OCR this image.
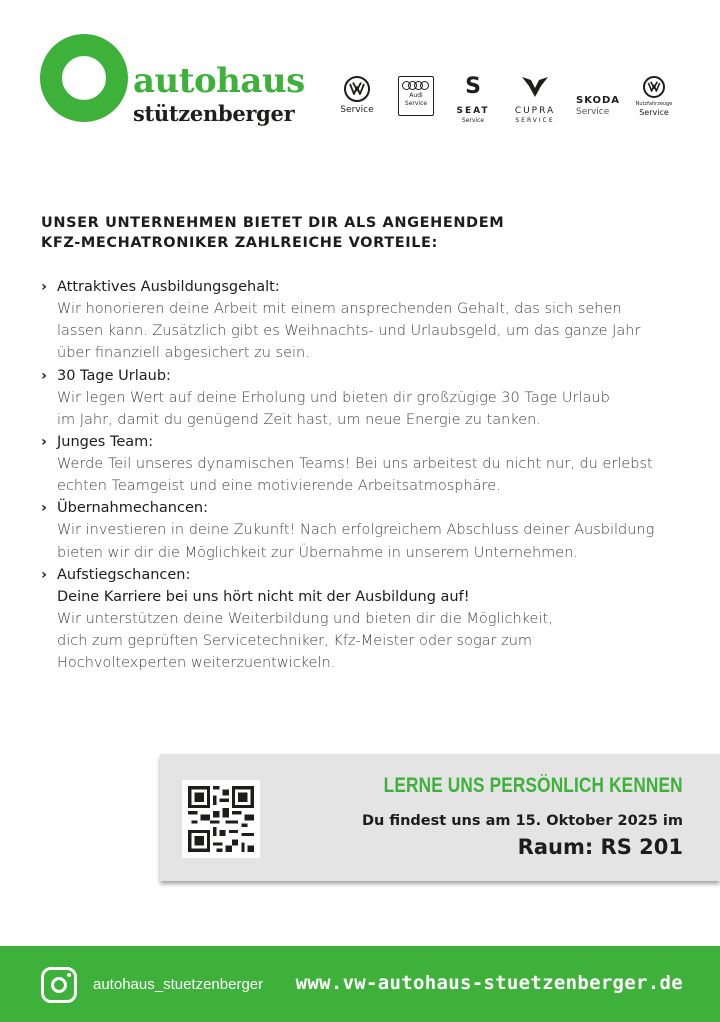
autohaus
stützenberger	Service
Audi
Service
S
SEAT
Service
CUPRA
SERVICE
SKODA
Service
Nutzfahrzeuge
Service
UNSER UNTERNEHMEN BIETET DIR ALS ANGEHENDEM
KFZ-MECHATRONIKER ZAHLREICHE VORTEILE:
› Attraktives Ausbildungsgehalt:
Wir honorieren deine Arbeit mit einem ansprechenden Gehalt, das sich sehen
lassen kann. Zusätzlich gibt es Weihnachts- und Urlaubsgeld, um das ganze Jahr
über finanziell abgesichert zu sein.
› 30 Tage Urlaub:
Wir legen Wert auf deine Erholung und bieten dir großzügige 30 Tage Urlaub
im Jahr, damit du genügend Zeit hast, um neue Energie zu tanken.
› Junges Team:
Werde Teil unseres dynamischen Teams! Bei uns arbeitest du nicht nur, du erlebst
echten Teamgeist und eine motivierende Arbeitsatmosphäre.
› Übernahmechancen:
Wir investieren in deine Zukunft! Nach erfolgreichem Abschluss deiner Ausbildung
bieten wir dir die Möglichkeit zur Übernahme in unserem Unternehmen.
› Aufstiegschancen:
Deine Karriere bei uns hört nicht mit der Ausbildung auf!
Wir unterstützen deine Weiterbildung und bieten dir die Möglichkeit,
dich zum geprüften Servicetechniker, Kfz-Meister oder sogar zum
Hochvoltexperten weiterzuentwickeln.
LERNE UNS PERSÖNLICH KENNEN
Du findest uns am 15. Oktober 2025 im
Raum: RS 201
autohaus_stuetzenberger www.vw-autohaus-stuetzenberger.de
